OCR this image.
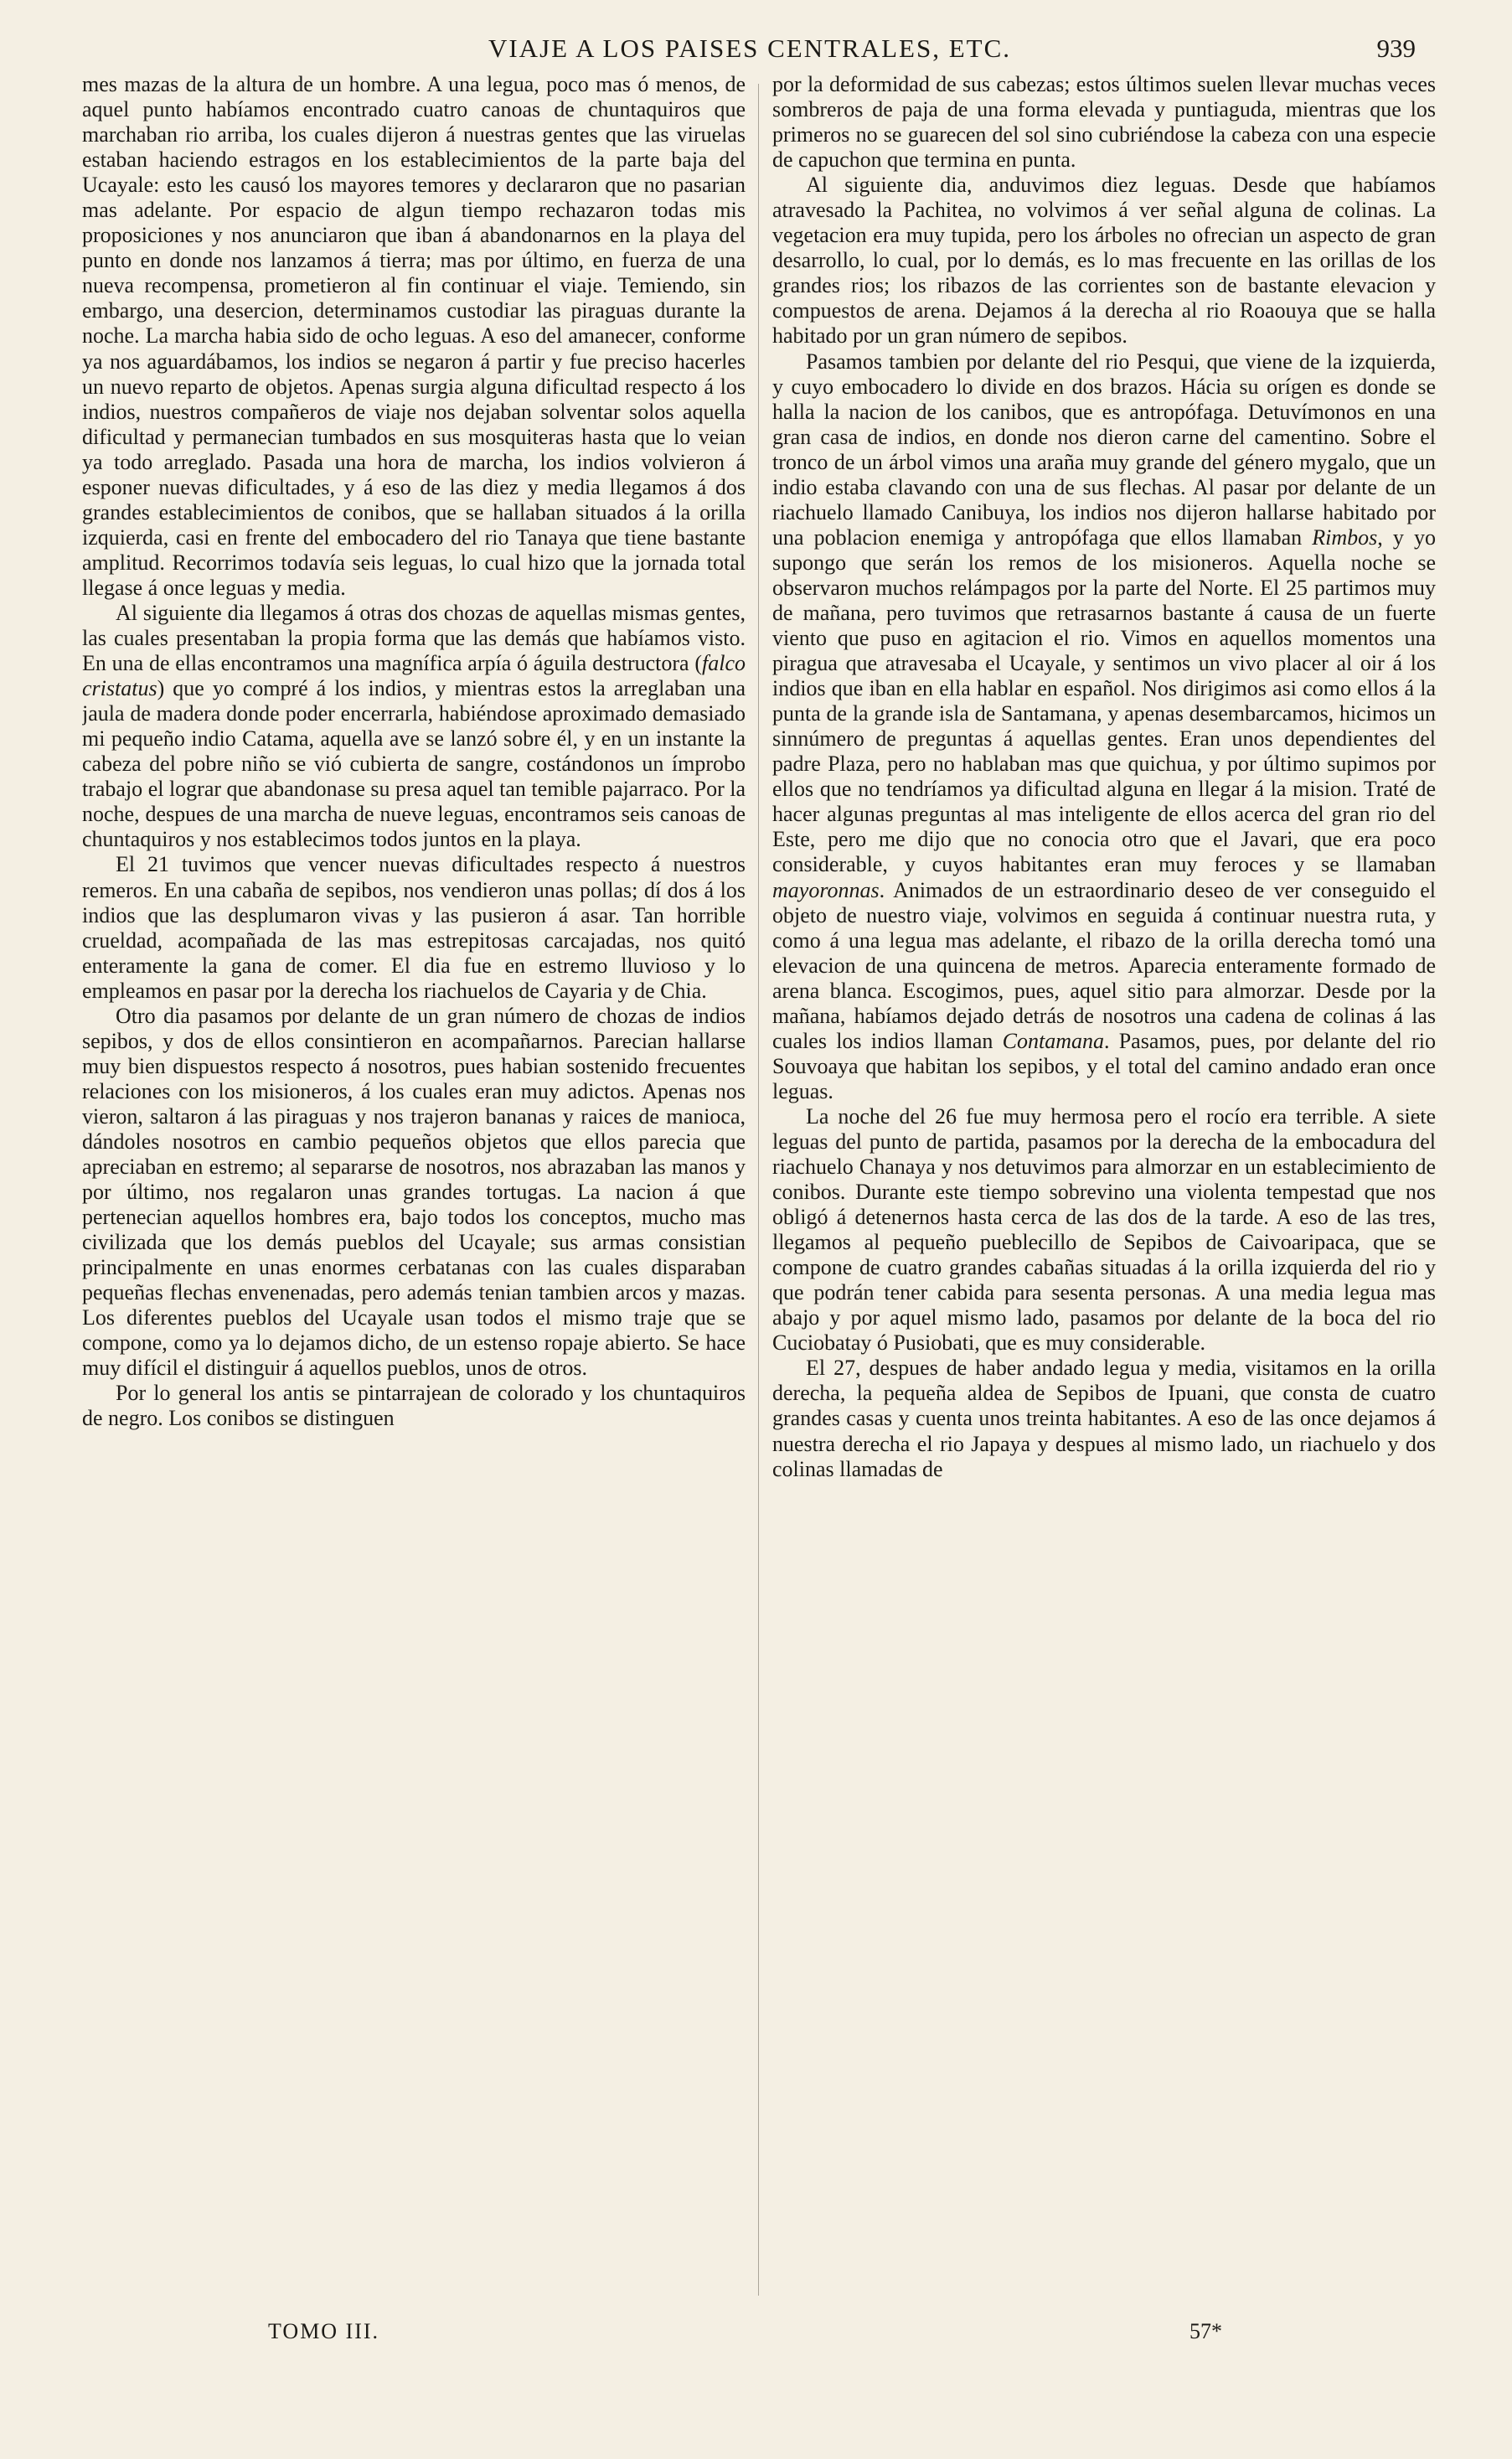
VIAJE A LOS PAISES CENTRALES, ETC.	939

mes mazas de la altura de un hombre. A una legua, poco mas ó menos, de aquel punto habíamos encontrado cuatro canoas de chuntaquiros que marchaban rio arriba, los cuales dijeron á nuestras gentes que las viruelas estaban haciendo estragos en los establecimientos de la parte baja del Ucayale: esto les causó los mayores temores y declararon que no pasarian mas adelante. Por espacio de algun tiempo rechazaron todas mis proposiciones y nos anunciaron que iban á abandonarnos en la playa del punto en donde nos lanzamos á tierra; mas por último, en fuerza de una nueva recompensa, prometieron al fin continuar el viaje. Temiendo, sin embargo, una desercion, determinamos custodiar las piraguas durante la noche. La marcha habia sido de ocho leguas. A eso del amanecer, conforme ya nos aguardábamos, los indios se negaron á partir y fue preciso hacerles un nuevo reparto de objetos. Apenas surgia alguna dificultad respecto á los indios, nuestros compañeros de viaje nos dejaban solventar solos aquella dificultad y permanecian tumbados en sus mosquiteras hasta que lo veian ya todo arreglado. Pasada una hora de marcha, los indios volvieron á esponer nuevas dificultades, y á eso de las diez y media llegamos á dos grandes establecimientos de conibos, que se hallaban situados á la orilla izquierda, casi en frente del embocadero del rio Tanaya que tiene bastante amplitud. Recorrimos todavía seis leguas, lo cual hizo que la jornada total llegase á once leguas y media.

Al siguiente dia llegamos á otras dos chozas de aquellas mismas gentes, las cuales presentaban la propia forma que las demás que habíamos visto. En una de ellas encontramos una magnífica arpía ó águila destructora (falco cristatus) que yo compré á los indios, y mientras estos la arreglaban una jaula de madera donde poder encerrarla, habiéndose aproximado demasiado mi pequeño indio Catama, aquella ave se lanzó sobre él, y en un instante la cabeza del pobre niño se vió cubierta de sangre, costándonos un ímprobo trabajo el lograr que abandonase su presa aquel tan temible pajarraco. Por la noche, despues de una marcha de nueve leguas, encontramos seis canoas de chuntaquiros y nos establecimos todos juntos en la playa.

El 21 tuvimos que vencer nuevas dificultades respecto á nuestros remeros. En una cabaña de sepibos, nos vendieron unas pollas; dí dos á los indios que las desplumaron vivas y las pusieron á asar. Tan horrible crueldad, acompañada de las mas estrepitosas carcajadas, nos quitó enteramente la gana de comer. El dia fue en estremo lluvioso y lo empleamos en pasar por la derecha los riachuelos de Cayaria y de Chia.

Otro dia pasamos por delante de un gran número de chozas de indios sepibos, y dos de ellos consintieron en acompañarnos. Parecian hallarse muy bien dispuestos respecto á nosotros, pues habian sostenido frecuentes relaciones con los misioneros, á los cuales eran muy adictos. Apenas nos vieron, saltaron á las piraguas y nos trajeron bananas y raices de manioca, dándoles nosotros en cambio pequeños objetos que ellos parecia que apreciaban en estremo; al separarse de nosotros, nos abrazaban las manos y por último, nos regalaron unas grandes tortugas. La nacion á que pertenecian aquellos hombres era, bajo todos los conceptos, mucho mas civilizada que los demás pueblos del Ucayale; sus armas consistian principalmente en unas enormes cerbatanas con las cuales disparaban pequeñas flechas envenenadas, pero además tenian tambien arcos y mazas. Los diferentes pueblos del Ucayale usan todos el mismo traje que se compone, como ya lo dejamos dicho, de un estenso ropaje abierto. Se hace muy difícil el distinguir á aquellos pueblos, unos de otros.

Por lo general los antis se pintarrajean de colorado y los chuntaquiros de negro. Los conibos se distinguen

por la deformidad de sus cabezas; estos últimos suelen llevar muchas veces sombreros de paja de una forma elevada y puntiaguda, mientras que los primeros no se guarecen del sol sino cubriéndose la cabeza con una especie de capuchon que termina en punta.

Al siguiente dia, anduvimos diez leguas. Desde que habíamos atravesado la Pachitea, no volvimos á ver señal alguna de colinas. La vegetacion era muy tupida, pero los árboles no ofrecian un aspecto de gran desarrollo, lo cual, por lo demás, es lo mas frecuente en las orillas de los grandes rios; los ribazos de las corrientes son de bastante elevacion y compuestos de arena. Dejamos á la derecha al rio Roaouya que se halla habitado por un gran número de sepibos.

Pasamos tambien por delante del rio Pesqui, que viene de la izquierda, y cuyo embocadero lo divide en dos brazos. Hácia su orígen es donde se halla la nacion de los canibos, que es antropófaga. Detuvímonos en una gran casa de indios, en donde nos dieron carne del camentino. Sobre el tronco de un árbol vimos una araña muy grande del género mygalo, que un indio estaba clavando con una de sus flechas. Al pasar por delante de un riachuelo llamado Canibuya, los indios nos dijeron hallarse habitado por una poblacion enemiga y antropófaga que ellos llamaban Rimbos, y yo supongo que serán los remos de los misioneros. Aquella noche se observaron muchos relámpagos por la parte del Norte. El 25 partimos muy de mañana, pero tuvimos que retrasarnos bastante á causa de un fuerte viento que puso en agitacion el rio. Vimos en aquellos momentos una piragua que atravesaba el Ucayale, y sentimos un vivo placer al oir á los indios que iban en ella hablar en español. Nos dirigimos asi como ellos á la punta de la grande isla de Santamana, y apenas desembarcamos, hicimos un sinnúmero de preguntas á aquellas gentes. Eran unos dependientes del padre Plaza, pero no hablaban mas que quichua, y por último supimos por ellos que no tendríamos ya dificultad alguna en llegar á la mision. Traté de hacer algunas preguntas al mas inteligente de ellos acerca del gran rio del Este, pero me dijo que no conocia otro que el Javari, que era poco considerable, y cuyos habitantes eran muy feroces y se llamaban mayoronnas. Animados de un estraordinario deseo de ver conseguido el objeto de nuestro viaje, volvimos en seguida á continuar nuestra ruta, y como á una legua mas adelante, el ribazo de la orilla derecha tomó una elevacion de una quincena de metros. Aparecia enteramente formado de arena blanca. Escogimos, pues, aquel sitio para almorzar. Desde por la mañana, habíamos dejado detrás de nosotros una cadena de colinas á las cuales los indios llaman Contamana. Pasamos, pues, por delante del rio Souvoaya que habitan los sepibos, y el total del camino andado eran once leguas.

La noche del 26 fue muy hermosa pero el rocío era terrible. A siete leguas del punto de partida, pasamos por la derecha de la embocadura del riachuelo Chanaya y nos detuvimos para almorzar en un establecimiento de conibos. Durante este tiempo sobrevino una violenta tempestad que nos obligó á detenernos hasta cerca de las dos de la tarde. A eso de las tres, llegamos al pequeño pueblecillo de Sepibos de Caivoaripaca, que se compone de cuatro grandes cabañas situadas á la orilla izquierda del rio y que podrán tener cabida para sesenta personas. A una media legua mas abajo y por aquel mismo lado, pasamos por delante de la boca del rio Cuciobatay ó Pusiobati, que es muy considerable.

El 27, despues de haber andado legua y media, visitamos en la orilla derecha, la pequeña aldea de Sepibos de Ipuani, que consta de cuatro grandes casas y cuenta unos treinta habitantes. A eso de las once dejamos á nuestra derecha el rio Japaya y despues al mismo lado, un riachuelo y dos colinas llamadas de

TOMO III.	57*
